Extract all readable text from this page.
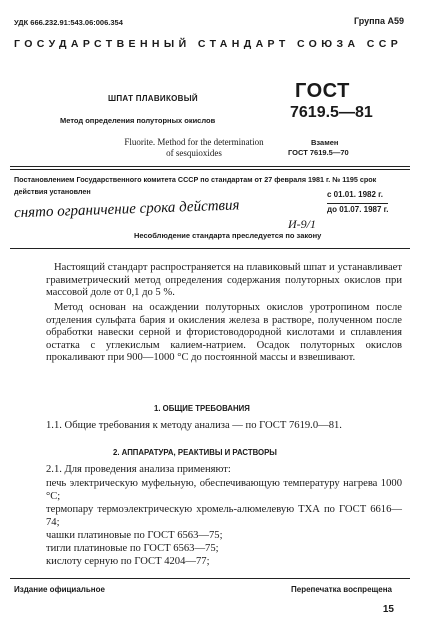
УДК 666.232.91:543.06:006.354	Группа А59
ГОСУДАРСТВЕННЫЙ СТАНДАРТ СОЮЗА ССР
ШПАТ ПЛАВИКОВЫЙ
Метод определения полуторных окислов
Fluorite. Method for the determination
of sesquioxides
ГОСТ
7619.5—81
Взамен
ГОСТ 7619.5—70
Постановлением Государственного комитета СССР по стандартам от 27 февраля 1981 г. № 1195 срок действия установлен
снято ограничение срока действия
с 01.01. 1982 г.
до 01.07. 1987 г.
И-9/1
Несоблюдение стандарта преследуется по закону
Настоящий стандарт распространяется на плавиковый шпат и устанавливает гравиметрический метод определения содержания полуторных окислов при массовой доле от 0,1 до 5 %.
Метод основан на осаждении полуторных окислов уротропином после отделения сульфата бария и окисления железа в растворе, полученном после обработки навески серной и фтористоводородной кислотами и сплавления остатка с углекислым калием-натрием. Осадок полуторных окислов прокаливают при 900—1000 °С до постоянной массы и взвешивают.
1. ОБЩИЕ ТРЕБОВАНИЯ
1.1. Общие требования к методу анализа — по ГОСТ 7619.0—81.
2. АППАРАТУРА, РЕАКТИВЫ И РАСТВОРЫ
2.1. Для проведения анализа применяют:
печь электрическую муфельную, обеспечивающую температуру нагрева 1000 °С;
термопару термоэлектрическую хромель-алюмелевую ТХА по ГОСТ 6616—74;
чашки платиновые по ГОСТ 6563—75;
тигли платиновые по ГОСТ 6563—75;
кислоту серную по ГОСТ 4204—77;
Издание официальное	Перепечатка воспрещена
15
